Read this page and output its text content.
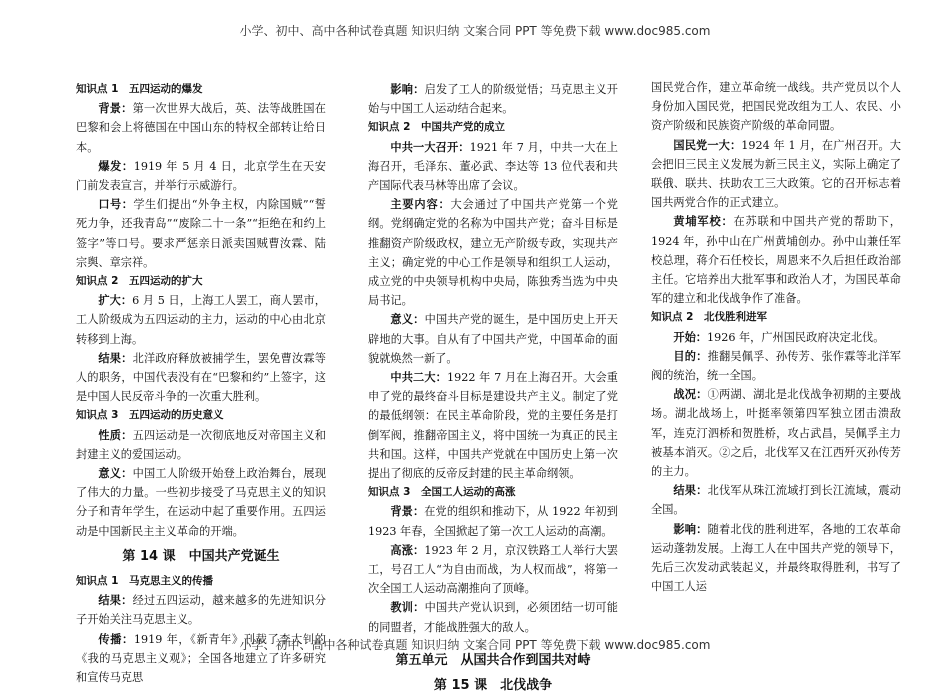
小学、初中、高中各种试卷真题 知识归纳 文案合同 PPT 等免费下载 www.doc985.com

知识点 1　五四运动的爆发

背景：第一次世界大战后，英、法等战胜国在巴黎和会上将德国在中国山东的特权全部转让给日本。

爆发：1919 年 5 月 4 日，北京学生在天安门前发表宣言，并举行示威游行。

口号：学生们提出“外争主权，内除国贼”“誓死力争，还我青岛”“废除二十一条”“拒绝在和约上签字”等口号。要求严惩亲日派卖国贼曹汝霖、陆宗舆、章宗祥。

知识点 2　五四运动的扩大

扩大：6 月 5 日，上海工人罢工，商人罢市，工人阶级成为五四运动的主力，运动的中心由北京转移到上海。

结果：北洋政府释放被捕学生，罢免曹汝霖等人的职务，中国代表没有在“巴黎和约”上签字，这是中国人民反帝斗争的一次重大胜利。

知识点 3　五四运动的历史意义

性质：五四运动是一次彻底地反对帝国主义和封建主义的爱国运动。

意义：中国工人阶级开始登上政治舞台，展现了伟大的力量。一些初步接受了马克思主义的知识分子和青年学生，在运动中起了重要作用。五四运动是中国新民主主义革命的开端。

第 14 课　中国共产党诞生

知识点 1　马克思主义的传播

结果：经过五四运动，越来越多的先进知识分子开始关注马克思主义。

传播：1919 年，《新青年》刊载了李大钊的《我的马克思主义观》；全国各地建立了许多研究和宣传马克思

影响：启发了工人的阶级觉悟；马克思主义开始与中国工人运动结合起来。

知识点 2　中国共产党的成立

中共一大召开：1921 年 7 月，中共一大在上海召开，毛泽东、董必武、李达等 13 位代表和共产国际代表马林等出席了会议。

主要内容：大会通过了中国共产党第一个党纲。党纲确定党的名称为中国共产党；奋斗目标是推翻资产阶级政权，建立无产阶级专政，实现共产主义；确定党的中心工作是领导和组织工人运动，成立党的中央领导机构中央局，陈独秀当选为中央局书记。

意义：中国共产党的诞生，是中国历史上开天辟地的大事。自从有了中国共产党，中国革命的面貌就焕然一新了。

中共二大：1922 年 7 月在上海召开。大会重申了党的最终奋斗目标是建设共产主义。制定了党的最低纲领：在民主革命阶段，党的主要任务是打倒军阀，推翻帝国主义，将中国统一为真正的民主共和国。这样，中国共产党就在中国历史上第一次提出了彻底的反帝反封建的民主革命纲领。

知识点 3　全国工人运动的高涨

背景：在党的组织和推动下，从 1922 年初到 1923 年春，全国掀起了第一次工人运动的高潮。

高涨：1923 年 2 月，京汉铁路工人举行大罢工，号召工人“为自由而战，为人权而战”，将第一次全国工人运动高潮推向了顶峰。

教训：中国共产党认识到，必须团结一切可能的同盟者，才能战胜强大的敌人。

第五单元　从国共合作到国共对峙

第 15 课　北伐战争

国民党合作，建立革命统一战线。共产党员以个人身份加入国民党，把国民党改组为工人、农民、小资产阶级和民族资产阶级的革命同盟。

国民党一大：1924 年 1 月，在广州召开。大会把旧三民主义发展为新三民主义，实际上确定了联俄、联共、扶助农工三大政策。它的召开标志着国共两党合作的正式建立。

黄埔军校：在苏联和中国共产党的帮助下，1924 年，孙中山在广州黄埔创办。孙中山兼任军校总理，蒋介石任校长，周恩来不久后担任政治部主任。它培养出大批军事和政治人才，为国民革命军的建立和北伐战争作了准备。

知识点 2　北伐胜利进军

开始：1926 年，广州国民政府决定北伐。

目的：推翻吴佩孚、孙传芳、张作霖等北洋军阀的统治，统一全国。

战况：①两湖、湖北是北伐战争初期的主要战场。湖北战场上，叶挺率领第四军独立团击溃敌军，连克汀泗桥和贺胜桥，攻占武昌，吴佩孚主力被基本消灭。②之后，北伐军又在江西歼灭孙传芳的主力。

结果：北伐军从珠江流域打到长江流域，震动全国。

影响：随着北伐的胜利进军，各地的工农革命运动蓬勃发展。上海工人在中国共产党的领导下，先后三次发动武装起义，并最终取得胜利，书写了中国工人运

小学、初中、高中各种试卷真题 知识归纳 文案合同 PPT 等免费下载 www.doc985.com
